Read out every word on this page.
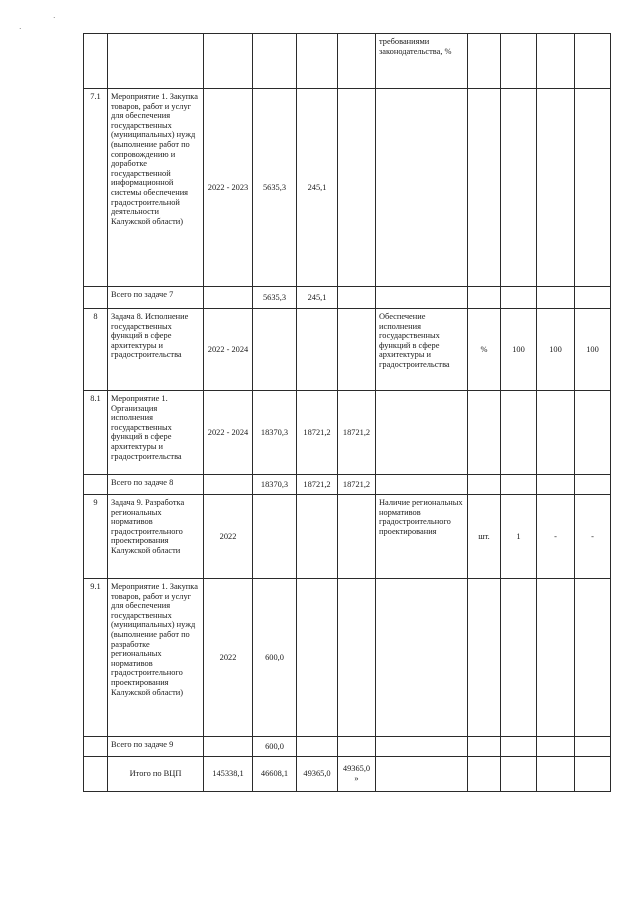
˙
˙
						требованиями законодательства, %				
7.1	Мероприятие 1. Закупка товаров, работ и услуг для обеспечения государственных (муниципальных) нужд (выполнение работ по сопровождению и доработке государственной информационной системы обеспечения градостроительной деятельности Калужской области)	2022 - 2023	5635,3	245,1						
	Всего по задаче 7		5635,3	245,1						
8	Задача 8. Исполнение государственных функций в сфере архитектуры и градостроительства	2022 - 2024				Обеспечение исполнения государственных функций в сфере архитектуры и градостроительства	%	100	100	100
8.1	Мероприятие 1. Организация исполнения государственных функций в сфере архитектуры и градостроительства	2022 - 2024	18370,3	18721,2	18721,2					
	Всего по задаче 8		18370,3	18721,2	18721,2					
9	Задача 9. Разработка региональных нормативов градостроительного проектирования Калужской области	2022				Наличие региональных нормативов градостроительного проектирования	шт.	1	-	-
9.1	Мероприятие 1. Закупка товаров, работ и услуг для обеспечения государственных (муниципальных) нужд (выполнение работ по разработке региональных нормативов градостроительного проектирования Калужской области)	2022	600,0							
	Всего по задаче 9		600,0							
	Итого по ВЦП	145338,1	46608,1	49365,0	49365,0 »					
